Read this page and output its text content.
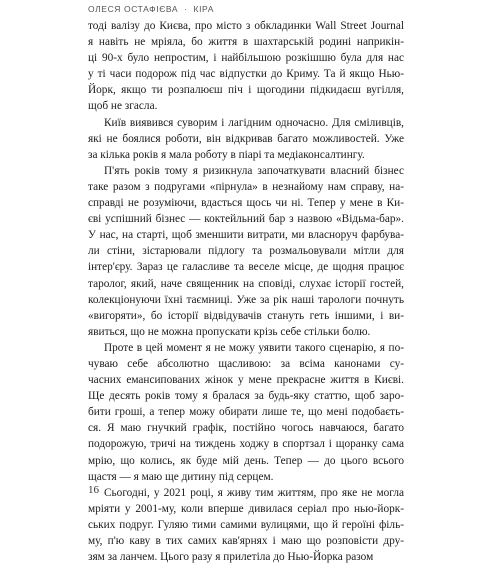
ОЛЕСЯ ОСТАФІЄВА · КІРА

тоді валізу до Києва, про місто з обкладинки Wall Street Journal
я навіть не мріяла, бо життя в шахтарській родині наприкін-
ці 90-х було непростим, і найбільшою розкішшю була для нас
у ті часи подорож під час відпустки до Криму. Та й якщо Нью-
Йорк, якщо ти розпалюєш піч і щогодини підкидаєш вугілля,
щоб не згасла.

Київ виявився суворим і лагідним одночасно. Для сміливців,
які не боялися роботи, він відкривав багато можливостей. Уже
за кілька років я мала роботу в піарі та медіаконсалтингу.

П'ять років тому я ризикнула започаткувати власний бізнес
таке разом з подругами «пірнула» в незнайому нам справу, на-
справді не розуміючи, вдасться щось чи ні. Тепер у мене в Ки-
єві успішний бізнес — коктейльний бар з назвою «Відьма-бар».
У нас, на старті, щоб зменшити витрати, ми власноруч фарбува-
ли стіни, зістарювали підлогу та розмальовували мітли для
інтер'єру. Зараз це галасливе та веселе місце, де щодня працює
таролог, який, наче священник на сповіді, слухає історії гостей,
колекціонуючи їхні таємниці. Уже за рік наші тарологи почнуть
«вигоряти», бо історії відвідувачів стануть геть іншими, і ви-
явиться, що не можна пропускати крізь себе стільки болю.

Проте в цей момент я не можу уявити такого сценарію, я по-
чуваю себе абсолютно щасливою: за всіма канонами су-
часних емансипованих жінок у мене прекрасне життя в Києві.
Ще десять років тому я бралася за будь-яку статтю, щоб заро-
бити гроші, а тепер можу обирати лише те, що мені подобаєть-
ся. Я маю гнучкий графік, постійно чогось навчаюся, багато
подорожую, тричі на тиждень ходжу в спортзал і щоранку сама
мрію, що колись, як буде мій день. Тепер — до цього всього
щастя — я маю ще дитину під серцем.

Сьогодні, у 2021 році, я живу тим життям, про яке не могла
мріяти у 2001-му, коли вперше дивилася серіал про нью-йорк-
ських подруг. Гуляю тими самими вулицями, що й героїні філь-
му, п'ю каву в тих самих кав'ярнях і маю що розповісти дру-
зям за ланчем. Цього разу я прилетіла до Нью-Йорка разом

16
